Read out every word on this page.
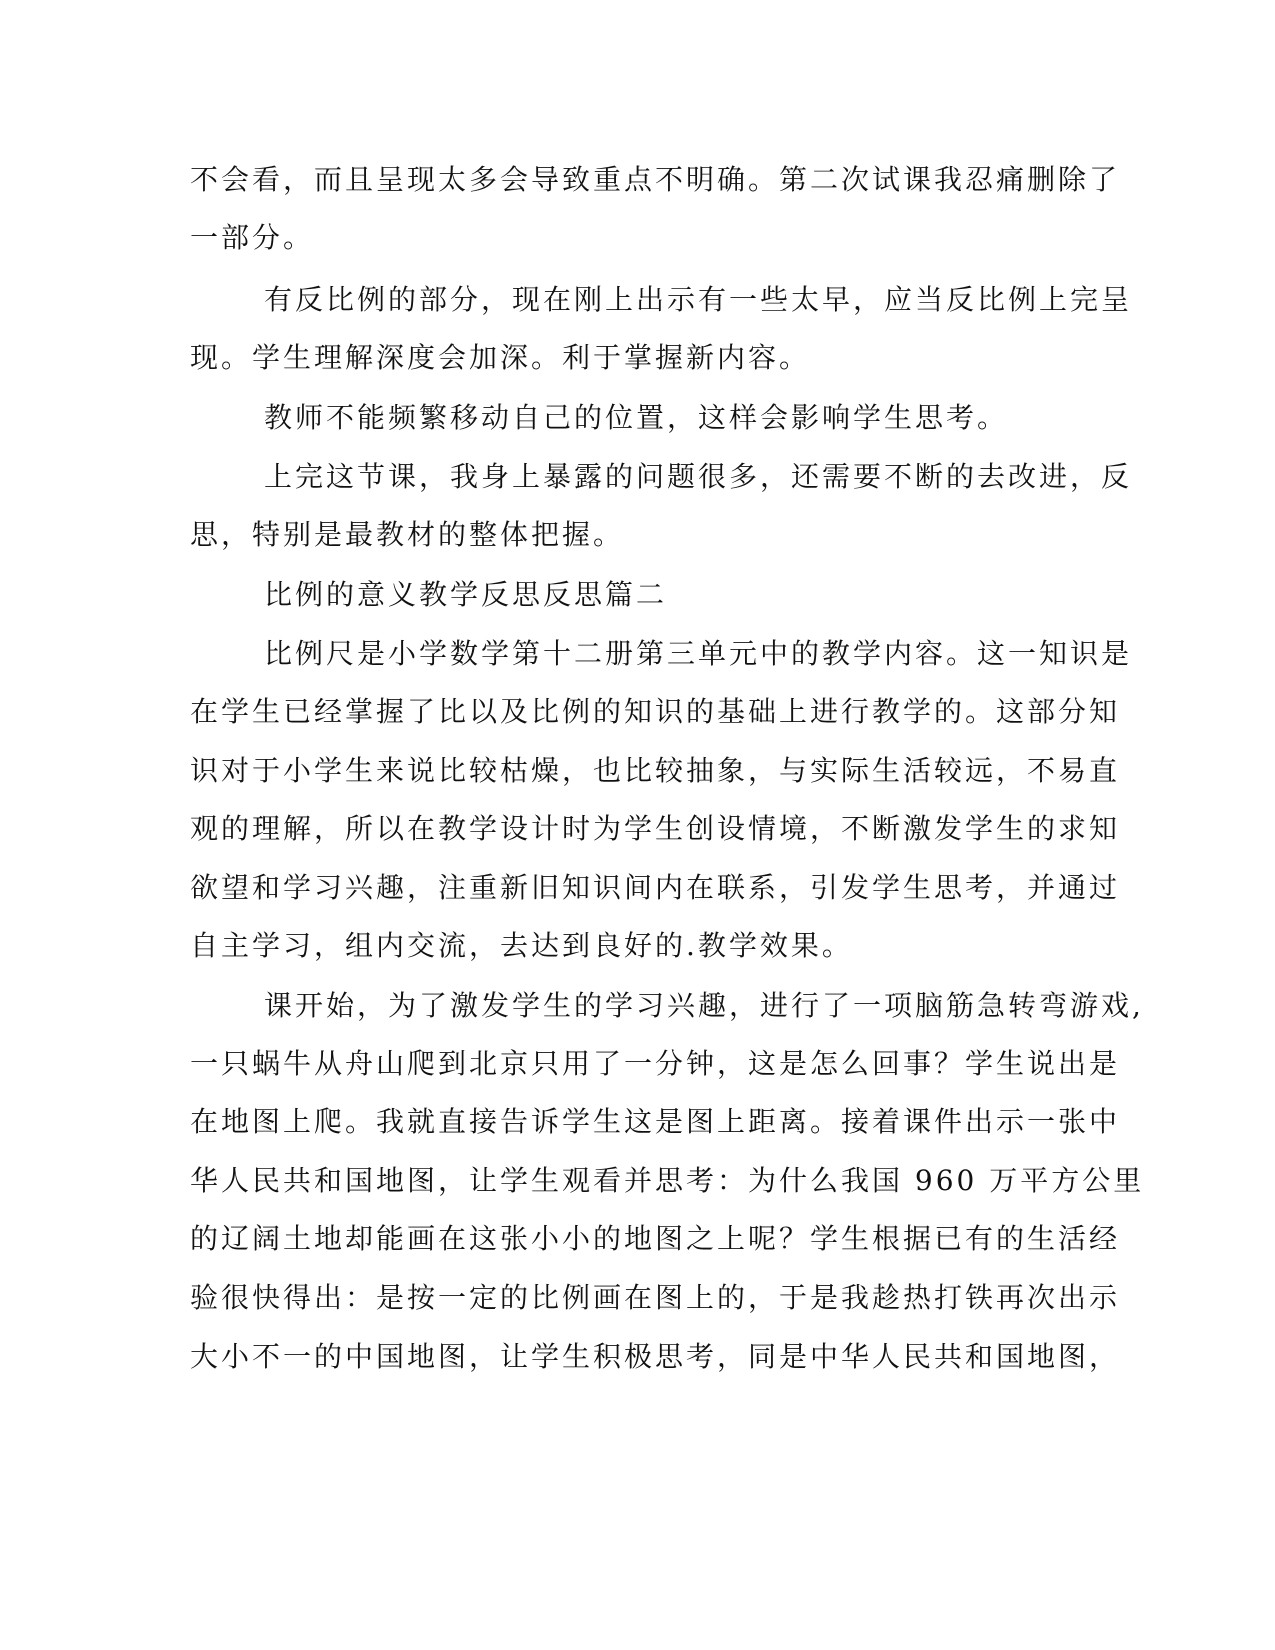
不会看，而且呈现太多会导致重点不明确。第二次试课我忍痛删除了

一部分。

有反比例的部分，现在刚上出示有一些太早，应当反比例上完呈

现。学生理解深度会加深。利于掌握新内容。

教师不能频繁移动自己的位置，这样会影响学生思考。

上完这节课，我身上暴露的问题很多，还需要不断的去改进，反

思，特别是最教材的整体把握。

比例的意义教学反思反思篇二

比例尺是小学数学第十二册第三单元中的教学内容。这一知识是

在学生已经掌握了比以及比例的知识的基础上进行教学的。这部分知

识对于小学生来说比较枯燥，也比较抽象，与实际生活较远，不易直

观的理解，所以在教学设计时为学生创设情境，不断激发学生的求知

欲望和学习兴趣，注重新旧知识间内在联系，引发学生思考，并通过

自主学习，组内交流，去达到良好的.教学效果。

课开始，为了激发学生的学习兴趣，进行了一项脑筋急转弯游戏,

一只蜗牛从舟山爬到北京只用了一分钟，这是怎么回事？学生说出是

在地图上爬。我就直接告诉学生这是图上距离。接着课件出示一张中

华人民共和国地图，让学生观看并思考：为什么我国 960 万平方公里

的辽阔土地却能画在这张小小的地图之上呢？学生根据已有的生活经

验很快得出：是按一定的比例画在图上的，于是我趁热打铁再次出示

大小不一的中国地图，让学生积极思考，同是中华人民共和国地图，
